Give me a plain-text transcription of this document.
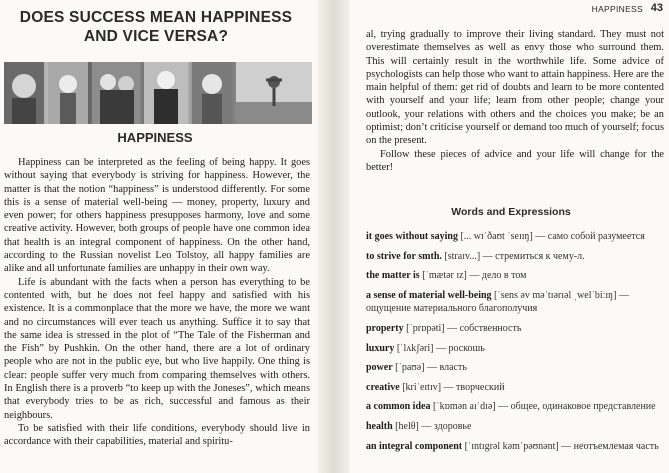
DOES SUCCESS MEAN HAPPINESS
AND VICE VERSA?
HAPPINESS

Happiness can be interpreted as the feeling of being happy. It goes without saying that everybody is striving for happiness. However, the matter is that the notion “happiness” is understood differently. For some this is a sense of material well-being — money, property, luxury and even power; for others happiness presupposes harmony, love and some creative activity. However, both groups of people have one common idea that health is an integral component of happiness. On the other hand, according to the Russian novelist Leo Tolstoy, all happy families are alike and all unfortunate families are unhappy in their own way.

Life is abundant with the facts when a person has everything to be contented with, but he does not feel happy and satisfied with his existence. It is a commonplace that the more we have, the more we want and no circumstances will ever teach us anything. Suffice it to say that the same idea is stressed in the plot of “The Tale of the Fisherman and the Fish” by Pushkin. On the other hand, there are a lot of ordinary people who are not in the public eye, but who live happily. One thing is clear: people suffer very much from comparing themselves with others. In English there is a proverb “to keep up with the Joneses”, which means that everybody tries to be as rich, successful and famous as their neighbours.

To be satisfied with their life conditions, everybody should live in accordance with their capabilities, material and spiritu-

HAPPINESS 43

al, trying gradually to improve their living standard. They must not overestimate themselves as well as envy those who surround them. This will certainly result in the worthwhile life. Some advice of psychologists can help those who want to attain happiness. Here are the main helpful of them: get rid of doubts and learn to be more contented with yourself and your life; learn from other people; change your outlook, your relations with others and the choices you make; be an optimist; don’t criticise yourself or demand too much of yourself; focus on the present.

Follow these pieces of advice and your life will change for the better!

Words and Expressions
it goes without saying [... wɪˈðaʊt ˈseɪɪŋ] — само собой разумеется
to strive for smth. [straɪv...] — стремиться к чему-л.
the matter is [ˈmætər ɪz] — дело в том
a sense of material well-being [ˈsens əv məˈtɪərɪəl ˌwelˈbiːɪŋ] — ощущение материального благополучия
property [ˈprɒpəti] — собственность
luxury [ˈlʌkʃəri] — роскошь
power [ˈpaʊə] — власть
creative [kriˈeɪtɪv] — творческий
a common idea [ˈkɒmən aɪˈdɪə] — общее, одинаковое представление
health [helθ] — здоровье
an integral component [ˈɪntɪgrəl kəmˈpəʊnənt] — неотъемлемая часть
